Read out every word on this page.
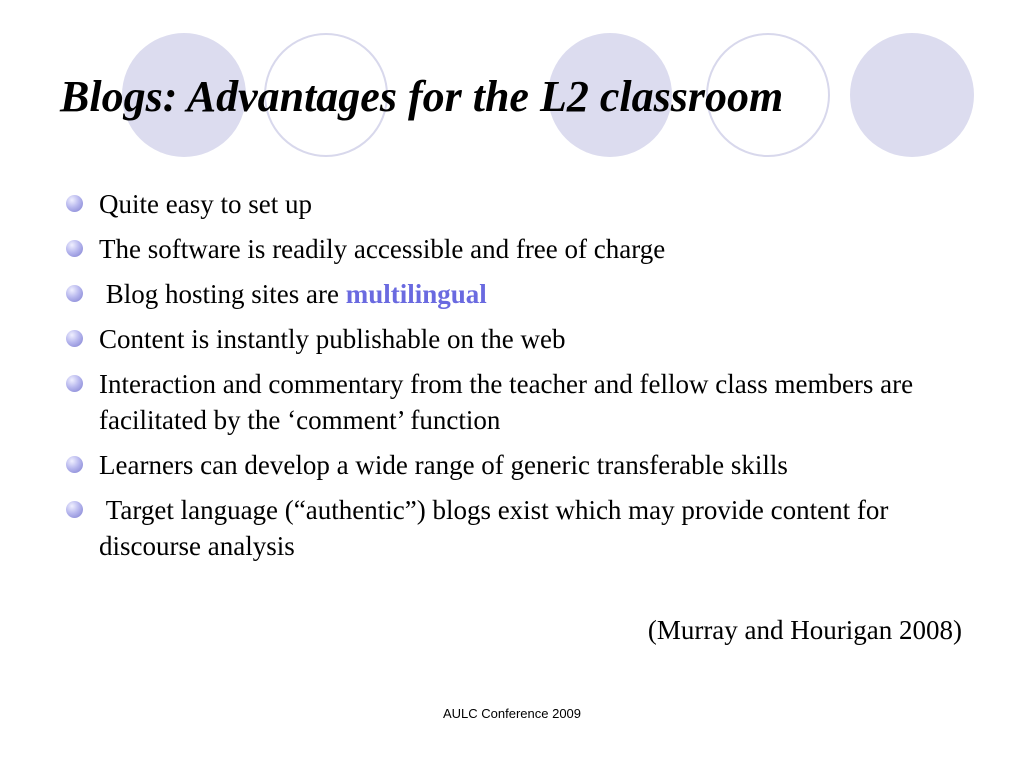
Blogs: Advantages for the L2 classroom
Quite easy to set up
The software is readily accessible and free of charge
Blog hosting sites are multilingual
Content is instantly publishable on the web
Interaction and commentary from the teacher and fellow class members are facilitated by the ‘comment’ function
Learners can develop a wide range of generic transferable skills
Target language (“authentic”) blogs exist which may provide content for discourse analysis
(Murray and Hourigan 2008)
AULC Conference 2009
